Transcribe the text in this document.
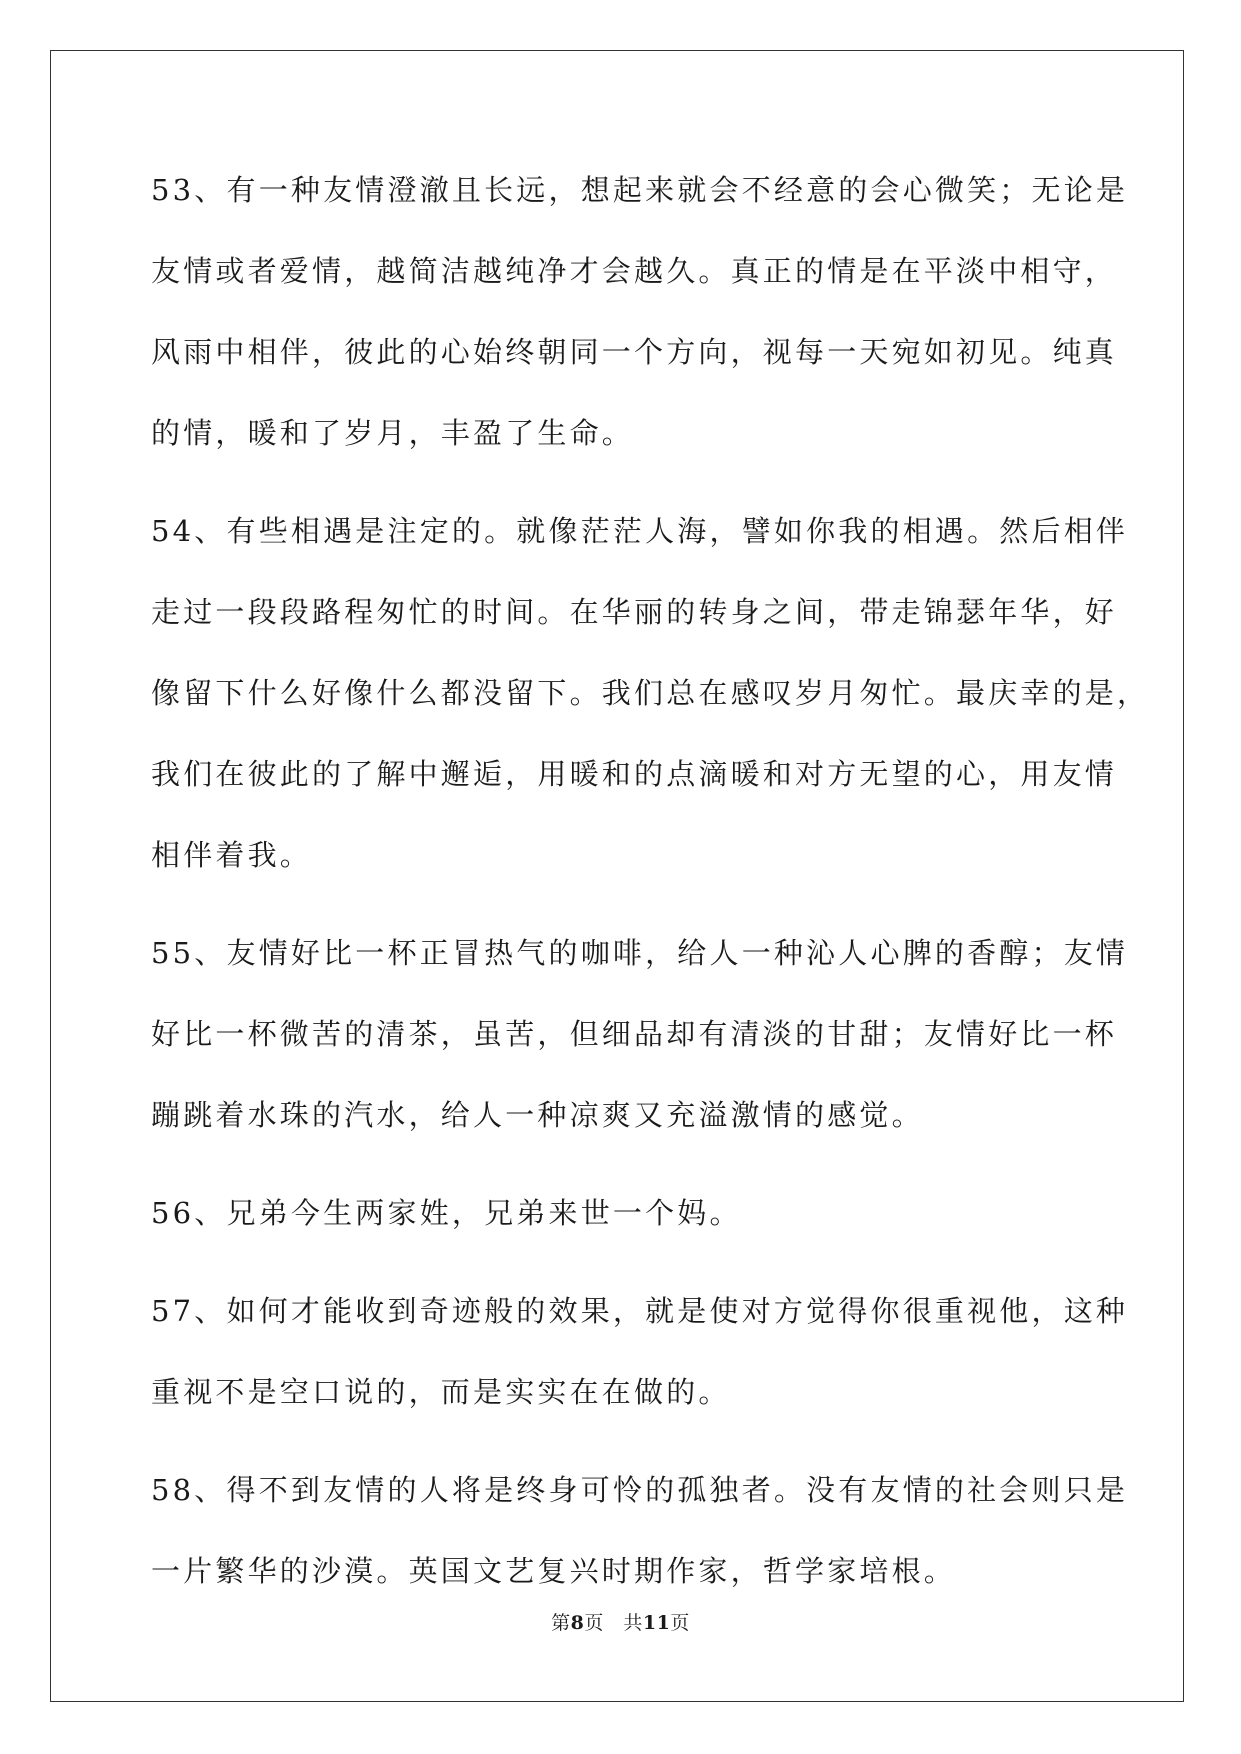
53、有一种友情澄澈且长远，想起来就会不经意的会心微笑；无论是
友情或者爱情，越简洁越纯净才会越久。真正的情是在平淡中相守，
风雨中相伴，彼此的心始终朝同一个方向，视每一天宛如初见。纯真
的情，暖和了岁月，丰盈了生命。

54、有些相遇是注定的。就像茫茫人海，譬如你我的相遇。然后相伴
走过一段段路程匆忙的时间。在华丽的转身之间，带走锦瑟年华，好
像留下什么好像什么都没留下。我们总在感叹岁月匆忙。最庆幸的是，
我们在彼此的了解中邂逅，用暖和的点滴暖和对方无望的心，用友情
相伴着我。

55、友情好比一杯正冒热气的咖啡，给人一种沁人心脾的香醇；友情
好比一杯微苦的清茶，虽苦，但细品却有清淡的甘甜；友情好比一杯
蹦跳着水珠的汽水，给人一种凉爽又充溢激情的感觉。

56、兄弟今生两家姓，兄弟来世一个妈。

57、如何才能收到奇迹般的效果，就是使对方觉得你很重视他，这种
重视不是空口说的，而是实实在在做的。

58、得不到友情的人将是终身可怜的孤独者。没有友情的社会则只是
一片繁华的沙漠。英国文艺复兴时期作家，哲学家培根。

第8页　共11页
